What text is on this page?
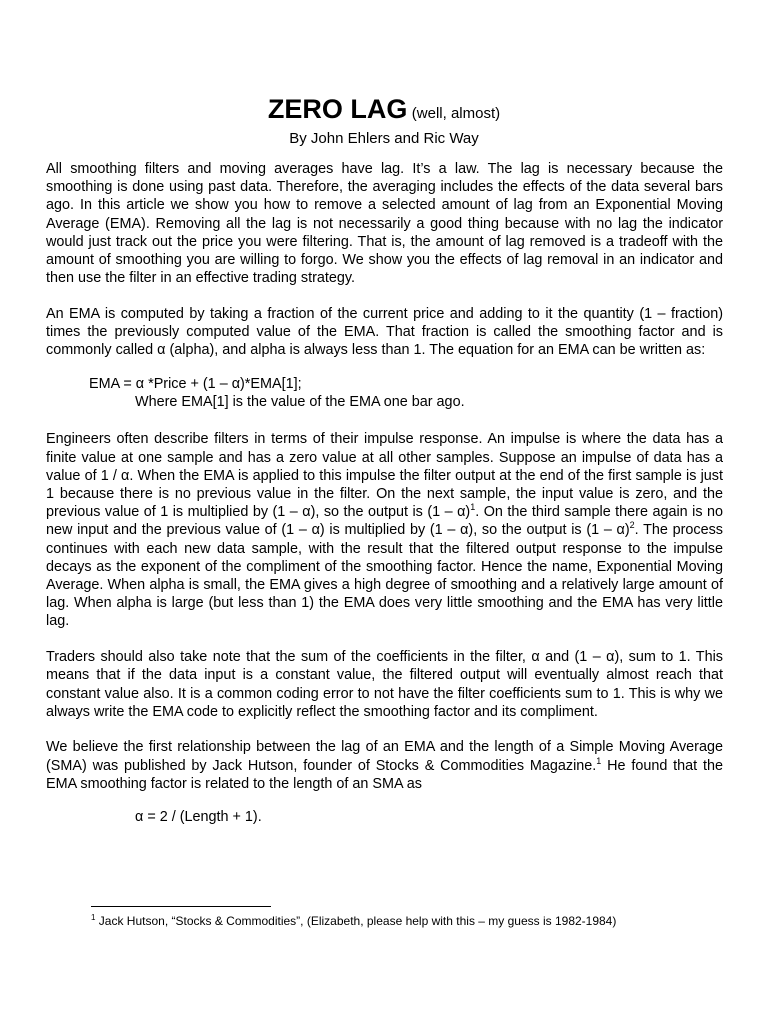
ZERO LAG (well, almost)
By John Ehlers and Ric Way

All smoothing filters and moving averages have lag. It’s a law. The lag is necessary because the smoothing is done using past data. Therefore, the averaging includes the effects of the data several bars ago. In this article we show you how to remove a selected amount of lag from an Exponential Moving Average (EMA). Removing all the lag is not necessarily a good thing because with no lag the indicator would just track out the price you were filtering. That is, the amount of lag removed is a tradeoff with the amount of smoothing you are willing to forgo. We show you the effects of lag removal in an indicator and then use the filter in an effective trading strategy.

An EMA is computed by taking a fraction of the current price and adding to it the quantity (1 – fraction) times the previously computed value of the EMA. That fraction is called the smoothing factor and is commonly called α (alpha), and alpha is always less than 1. The equation for an EMA can be written as:

EMA = α *Price + (1 – α)*EMA[1];
Where EMA[1] is the value of the EMA one bar ago.

Engineers often describe filters in terms of their impulse response. An impulse is where the data has a finite value at one sample and has a zero value at all other samples. Suppose an impulse of data has a value of 1 / α. When the EMA is applied to this impulse the filter output at the end of the first sample is just 1 because there is no previous value in the filter. On the next sample, the input value is zero, and the previous value of 1 is multiplied by (1 – α), so the output is (1 – α)$^1$. On the third sample there again is no new input and the previous value of (1 – α) is multiplied by (1 – α), so the output is (1 – α)$^2$. The process continues with each new data sample, with the result that the filtered output response to the impulse decays as the exponent of the compliment of the smoothing factor. Hence the name, Exponential Moving Average. When alpha is small, the EMA gives a high degree of smoothing and a relatively large amount of lag. When alpha is large (but less than 1) the EMA does very little smoothing and the EMA has very little lag.

Traders should also take note that the sum of the coefficients in the filter, α and (1 – α), sum to 1. This means that if the data input is a constant value, the filtered output will eventually almost reach that constant value also. It is a common coding error to not have the filter coefficients sum to 1. This is why we always write the EMA code to explicitly reflect the smoothing factor and its compliment.

We believe the first relationship between the lag of an EMA and the length of a Simple Moving Average (SMA) was published by Jack Hutson, founder of Stocks & Commodities Magazine.$^1$ He found that the EMA smoothing factor is related to the length of an SMA as

α = 2 / (Length + 1).
$^1$ Jack Hutson, “Stocks & Commodities”, (Elizabeth, please help with this – my guess is 1982-1984)
